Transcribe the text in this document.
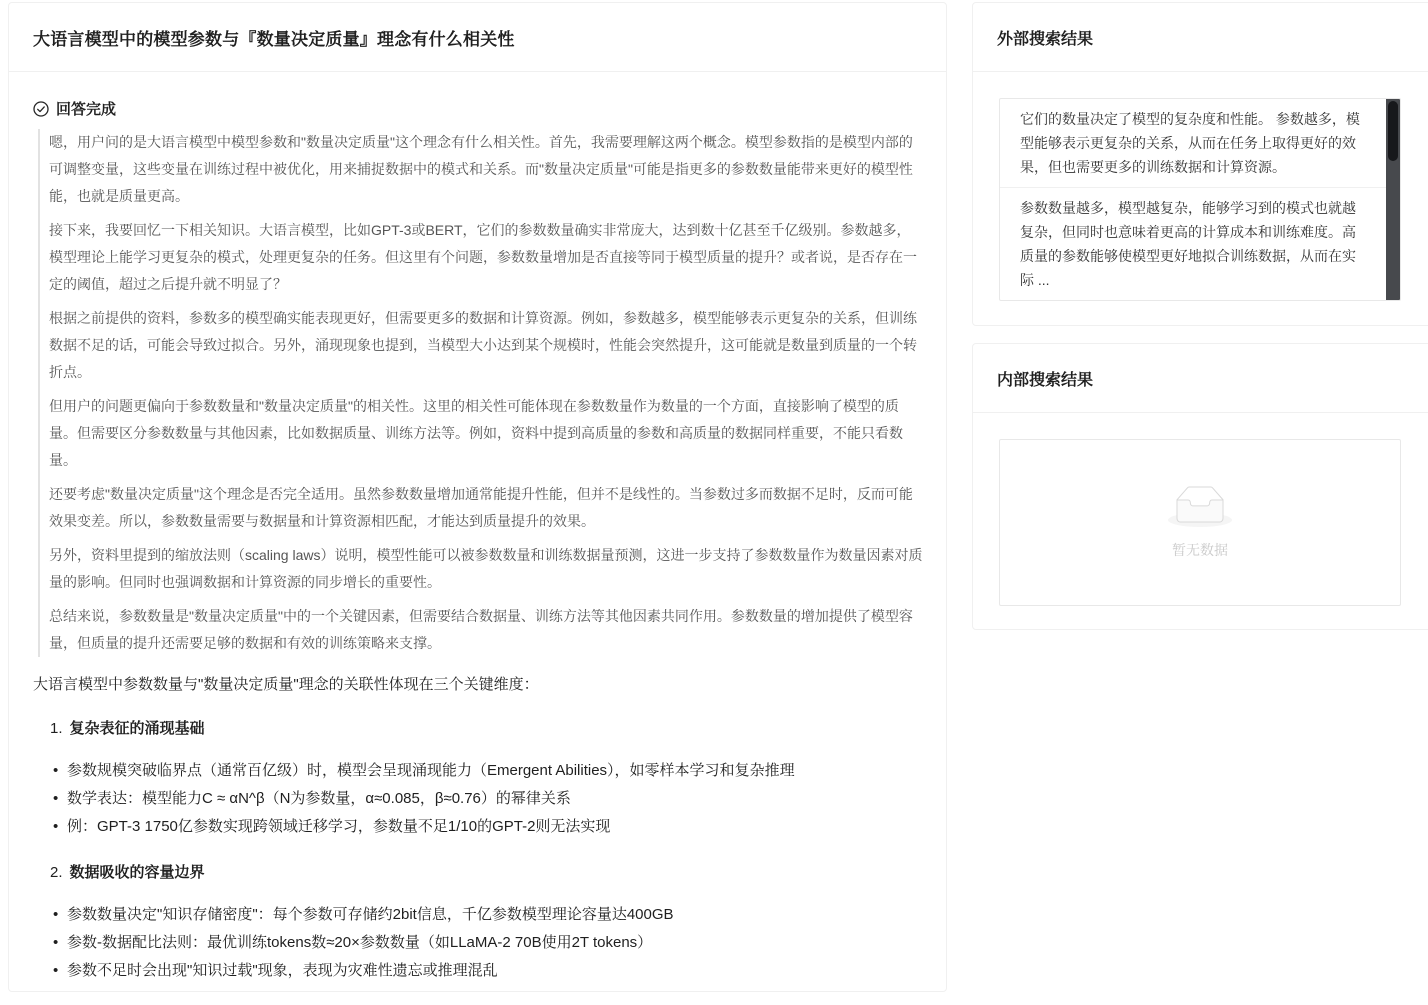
大语言模型中的模型参数与『数量决定质量』理念有什么相关性
回答完成

嗯，用户问的是大语言模型中模型参数和"数量决定质量"这个理念有什么相关性。首先，我需要理解这两个概念。模型参数指的是模型内部的可调整变量，这些变量在训练过程中被优化，用来捕捉数据中的模式和关系。而"数量决定质量"可能是指更多的参数数量能带来更好的模型性能，也就是质量更高。

接下来，我要回忆一下相关知识。大语言模型，比如GPT-3或BERT，它们的参数数量确实非常庞大，达到数十亿甚至千亿级别。参数越多，模型理论上能学习更复杂的模式，处理更复杂的任务。但这里有个问题，参数数量增加是否直接等同于模型质量的提升？或者说，是否存在一定的阈值，超过之后提升就不明显了？

根据之前提供的资料，参数多的模型确实能表现更好，但需要更多的数据和计算资源。例如，参数越多，模型能够表示更复杂的关系，但训练数据不足的话，可能会导致过拟合。另外，涌现现象也提到，当模型大小达到某个规模时，性能会突然提升，这可能就是数量到质量的一个转折点。

但用户的问题更偏向于参数数量和"数量决定质量"的相关性。这里的相关性可能体现在参数数量作为数量的一个方面，直接影响了模型的质量。但需要区分参数数量与其他因素，比如数据质量、训练方法等。例如，资料中提到高质量的参数和高质量的数据同样重要，不能只看数量。

还要考虑"数量决定质量"这个理念是否完全适用。虽然参数数量增加通常能提升性能，但并不是线性的。当参数过多而数据不足时，反而可能效果变差。所以，参数数量需要与数据量和计算资源相匹配，才能达到质量提升的效果。

另外，资料里提到的缩放法则（scaling laws）说明，模型性能可以被参数数量和训练数据量预测，这进一步支持了参数数量作为数量因素对质量的影响。但同时也强调数据和计算资源的同步增长的重要性。

总结来说，参数数量是"数量决定质量"中的一个关键因素，但需要结合数据量、训练方法等其他因素共同作用。参数数量的增加提供了模型容量，但质量的提升还需要足够的数据和有效的训练策略来支撑。

大语言模型中参数数量与"数量决定质量"理念的关联性体现在三个关键维度：
1. 复杂表征的涌现基础
• 参数规模突破临界点（通常百亿级）时，模型会呈现涌现能力（Emergent Abilities），如零样本学习和复杂推理
• 数学表达：模型能力C ≈ αN^β（N为参数量，α≈0.085，β≈0.76）的幂律关系
• 例：GPT-3 1750亿参数实现跨领域迁移学习，参数量不足1/10的GPT-2则无法实现
2. 数据吸收的容量边界
• 参数数量决定"知识存储密度"：每个参数可存储约2bit信息，千亿参数模型理论容量达400GB
• 参数-数据配比法则：最优训练tokens数≈20×参数数量（如LLaMA-2 70B使用2T tokens）
• 参数不足时会出现"知识过载"现象，表现为灾难性遗忘或推理混乱
外部搜索结果
它们的数量决定了模型的复杂度和性能。 参数越多，模型能够表示更复杂的关系，从而在任务上取得更好的效果，但也需要更多的训练数据和计算资源。
参数数量越多，模型越复杂，能够学习到的模式也就越复杂，但同时也意味着更高的计算成本和训练难度。高质量的参数能够使模型更好地拟合训练数据，从而在实际 ...
内部搜索结果
暂无数据
